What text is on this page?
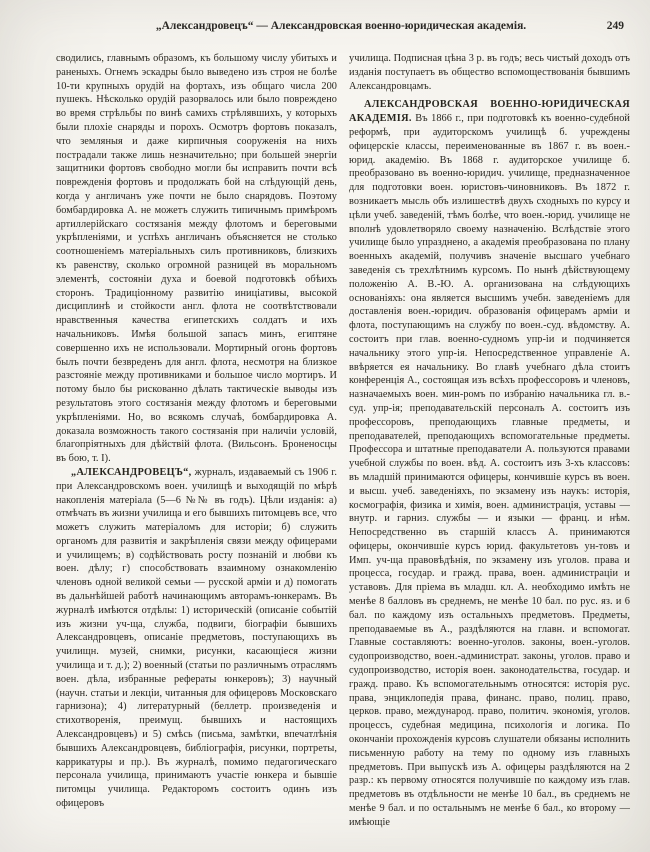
„Александровецъ“ — Александровская военно-юридическая академія.	249

сводились, главнымъ образомъ, къ большому числу убитыхъ и раненыхъ. Огнемъ эскадры было выведено изъ строя не болѣе 10-ти крупныхъ орудій на фортахъ, изъ общаго числа 200 пушекъ. Нѣсколько орудій разорвалось или было повреждено во время стрѣльбы по винѣ самихъ стрѣлявшихъ, у которыхъ были плохіе снаряды и порохъ. Осмотръ фортовъ показалъ, что земляныя и даже кирпичныя сооруженія на нихъ пострадали также лишь незначительно; при большей энергіи защитники фортовъ свободно могли бы исправить почти всѣ поврежденія фортовъ и продолжать бой на слѣдующій день, когда у англичанъ уже почти не было снарядовъ. Поэтому бомбардировка А. не можетъ служить типичнымъ примѣромъ артиллерійскаго состязанія между флотомъ и береговыми укрѣпленіями, и успѣхъ англичанъ объясняется не столько соотношеніемъ матеріальныхъ силъ противниковъ, близкихъ къ равенству, сколько огромной разницей въ моральномъ элементѣ, состояніи духа и боевой подготовкѣ обѣихъ сторонъ. Традиціонному развитію иниціативы, высокой дисциплинѣ и стойкости англ. флота не соотвѣтствовали нравственныя качества египетскихъ солдатъ и ихъ начальниковъ. Имѣя большой запасъ минъ, египтяне совершенно ихъ не использовали. Мортирный огонь фортовъ былъ почти безвреденъ для англ. флота, несмотря на близкое разстояніе между противниками и большое число мортиръ. И потому было бы рискованно дѣлать тактическіе выводы изъ результатовъ этого состязанія между флотомъ и береговыми укрѣпленіями. Но, во всякомъ случаѣ, бомбардировка А. доказала возможность такого состязанія при наличіи условій, благопріятныхъ для дѣйствій флота. (Вильсонъ. Броненосцы въ бою, т. I).

„АЛЕКСАНДРОВЕЦЪ“, журналъ, издаваемый съ 1906 г. при Александровскомъ воен. училищѣ и выходящій по мѣрѣ накопленія матеріала (5—6 №№ въ годъ). Цѣли изданія: а) отмѣчать въ жизни училища и его бывшихъ питомцевъ все, что можетъ служить матеріаломъ для исторіи; б) служить органомъ для развитія и закрѣпленія связи между офицерами и училищемъ; в) содѣйствовать росту познаній и любви къ воен. дѣлу; г) способствовать взаимному ознакомленію членовъ одной великой семьи — русской арміи и д) помогать въ дальнѣйшей работѣ начинающимъ авторамъ-юнкерамъ. Въ журналѣ имѣются отдѣлы: 1) историческій (описаніе событій изъ жизни уч-ща, служба, подвиги, біографіи бывшихъ Александровцевъ, описаніе предметовъ, поступающихъ въ училищн. музей, снимки, рисунки, касающіеся жизни училища и т. д.); 2) военный (статьи по различнымъ отраслямъ воен. дѣла, избранные рефераты юнкеровъ); 3) научный (научн. статьи и лекціи, читанныя для офицеровъ Московскаго гарнизона); 4) литературный (беллетр. произведенія и стихотворенія, преимущ. бывшихъ и настоящихъ Александровцевъ) и 5) смѣсь (письма, замѣтки, впечатлѣнія бывшихъ Александровцевъ, библіографія, рисунки, портреты, каррикатуры и пр.). Въ журналѣ, помимо педагогическаго персонала училища, принимаютъ участіе юнкера и бывшіе питомцы училища. Редакторомъ состоитъ одинъ изъ офицеровъ

училища. Подписная цѣна 3 р. въ годъ; весь чистый доходъ отъ изданія поступаетъ въ общество вспомоществованія бывшимъ Александровцамъ.

АЛЕКСАНДРОВСКАЯ ВОЕННО-ЮРИДИЧЕСКАЯ АКАДЕМІЯ. Въ 1866 г., при подготовкѣ къ военно-судебной реформѣ, при аудиторскомъ училищѣ б. учреждены офицерскіе классы, переименованные въ 1867 г. въ воен.-юрид. академію. Въ 1868 г. аудиторское училище б. преобразовано въ военно-юридич. училище, предназначенное для подготовки воен. юристовъ-чиновниковъ. Въ 1872 г. возникаетъ мысль объ излишествѣ двухъ сходныхъ по курсу и цѣли учеб. заведеній, тѣмъ болѣе, что воен.-юрид. училище не вполнѣ удовлетворяло своему назначенію. Вслѣдствіе этого училище было упразднено, а академія преобразована по плану военныхъ академій, получивъ значеніе высшаго учебнаго заведенія съ трехлѣтнимъ курсомъ. По нынѣ дѣйствующему положенію А. В.-Ю. А. организована на слѣдующихъ основаніяхъ: она является высшимъ учебн. заведеніемъ для доставленія воен.-юридич. образованія офицерамъ арміи и флота, поступающимъ на службу по воен.-суд. вѣдомству. А. состоитъ при глав. военно-судномъ упр-іи и подчиняется начальнику этого упр-ія. Непосредственное управленіе А. ввѣряется ея начальнику. Во главѣ учебнаго дѣла стоитъ конференція А., состоящая изъ всѣхъ профессоровъ и членовъ, назначаемыхъ воен. мин-ромъ по избранію начальника гл. в.-суд. упр-ія; преподавательскій персоналъ А. состоитъ изъ профессоровъ, преподающихъ главные предметы, и преподавателей, преподающихъ вспомогательные предметы. Профессора и штатные преподаватели А. пользуются правами учебной службы по воен. вѣд. А. состоитъ изъ 3-хъ классовъ: въ младшій принимаются офицеры, кончившіе курсъ въ воен. и высш. учеб. заведеніяхъ, по экзамену изъ наукъ: исторія, космографія, физика и химія, воен. администрація, уставы — внутр. и гарниз. службы — и языки — франц. и нѣм. Непосредственно въ старшій классъ А. принимаются офицеры, окончившіе курсъ юрид. факультетовъ ун-товъ и Имп. уч-ща правовѣдѣнія, по экзамену изъ уголов. права и процесса, государ. и гражд. права, воен. администраціи и уставовъ. Для пріема въ младш. кл. А. необходимо имѣть не менѣе 8 балловъ въ среднемъ, не менѣе 10 бал. по рус. яз. и 6 бал. по каждому изъ остальныхъ предметовъ. Предметы, преподаваемые въ А., раздѣляются на главн. и вспомогат. Главные составляютъ: военно-уголов. законы, воен.-уголов. судопроизводство, воен.-администрат. законы, уголов. право и судопроизводство, исторія воен. законодательства, государ. и гражд. право. Къ вспомогательнымъ относятся: исторія рус. права, энциклопедія права, финанс. право, полиц. право, церков. право, международ. право, политич. экономія, уголов. процессъ, судебная медицина, психологія и логика. По окончаніи прохожденія курсовъ слушатели обязаны исполнить письменную работу на тему по одному изъ главныхъ предметовъ. При выпускѣ изъ А. офицеры раздѣляются на 2 разр.: къ первому относятся получившіе по каждому изъ глав. предметовъ въ отдѣльности не менѣе 10 бал., въ среднемъ не менѣе 9 бал. и по остальнымъ не менѣе 6 бал., ко второму — имѣющіе
